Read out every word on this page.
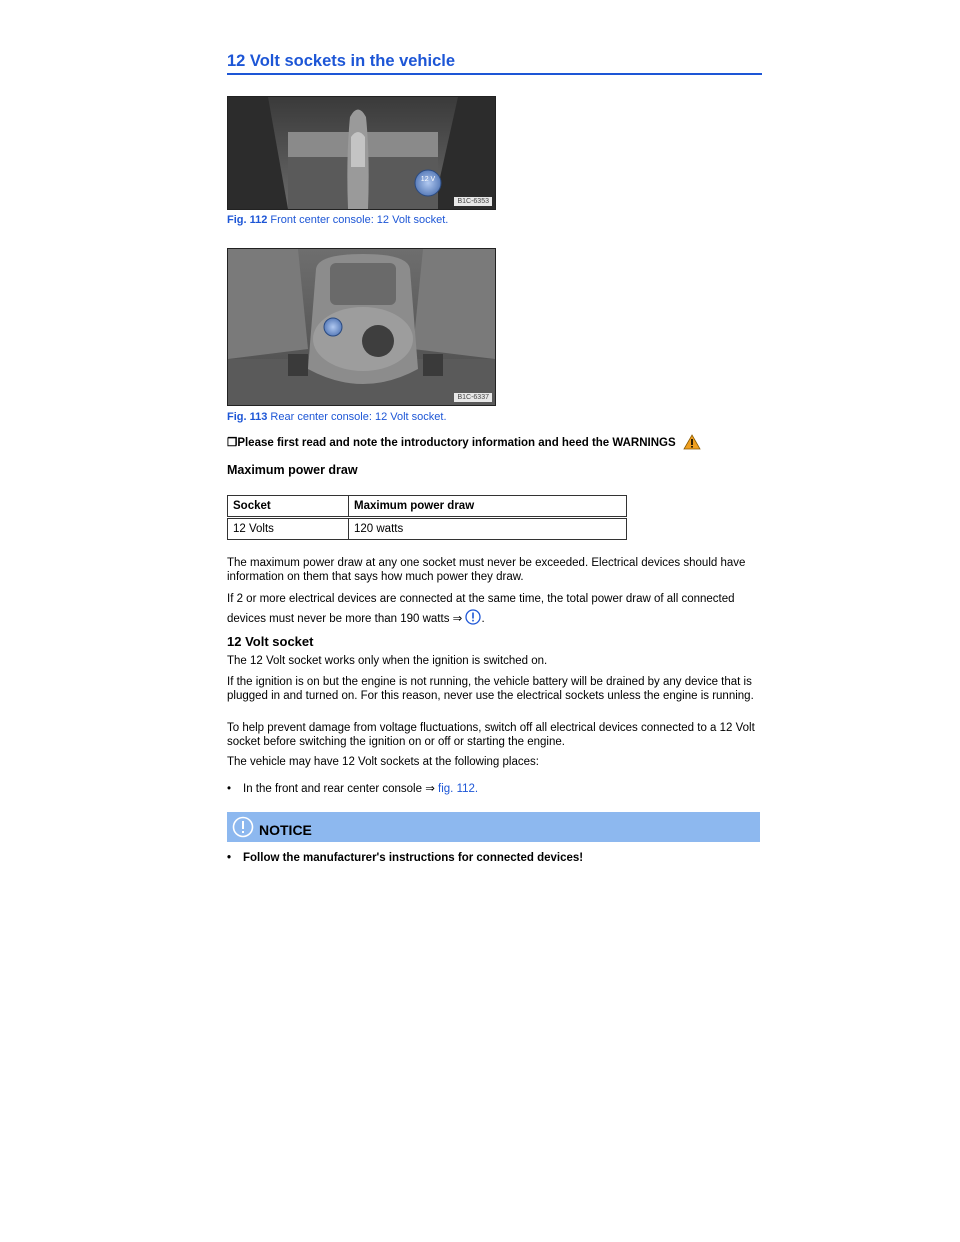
12 Volt sockets in the vehicle
12 V
B1C-6353
Fig. 112 Front center console: 12 Volt socket.
B1C-6337
Fig. 113 Rear center console: 12 Volt socket.
❐Please first read and note the introductory information and heed the WARNINGS
Maximum power draw
Socket	Maximum power draw
12 Volts	120 watts
The maximum power draw at any one socket must never be exceeded. Electrical devices should have information on them that says how much power they draw.
If 2 or more electrical devices are connected at the same time, the total power draw of all connected devices must never be more than 190 watts ⇒ .
12 Volt socket
The 12 Volt socket works only when the ignition is switched on.
If the ignition is on but the engine is not running, the vehicle battery will be drained by any device that is plugged in and turned on. For this reason, never use the electrical sockets unless the engine is running.
To help prevent damage from voltage fluctuations, switch off all electrical devices connected to a 12 Volt socket before switching the ignition on or off or starting the engine.
The vehicle may have 12 Volt sockets at the following places:
• In the front and rear center console ⇒ fig. 112.
NOTICE
• Follow the manufacturer's instructions for connected devices!
